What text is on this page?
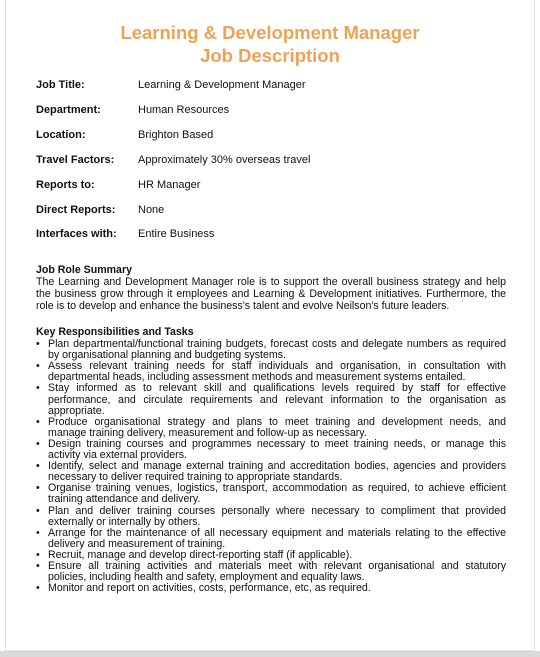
Learning & Development Manager
Job Description
Job Title:	Learning & Development Manager
Department:	Human Resources
Location:	Brighton Based
Travel Factors:	Approximately 30% overseas travel
Reports to:	HR Manager
Direct Reports:	None
Interfaces with:	Entire Business
Job Role Summary
The Learning and Development Manager role is to support the overall business strategy and help
the business grow through it employees and Learning & Development initiatives. Furthermore, the
role is to develop and enhance the business's talent and evolve Neilson's future leaders.
Key Responsibilities and Tasks
• Plan departmental/functional training budgets, forecast costs and delegate numbers as required
by organisational planning and budgeting systems.
• Assess relevant training needs for staff individuals and organisation, in consultation with
departmental heads, including assessment methods and measurement systems entailed.
• Stay informed as to relevant skill and qualifications levels required by staff for effective
performance, and circulate requirements and relevant information to the organisation as
appropriate.
• Produce organisational strategy and plans to meet training and development needs, and
manage training delivery, measurement and follow-up as necessary.
• Design training courses and programmes necessary to meet training needs, or manage this
activity via external providers.
• Identify, select and manage external training and accreditation bodies, agencies and providers
necessary to deliver required training to appropriate standards.
• Organise training venues, logistics, transport, accommodation as required, to achieve efficient
training attendance and delivery.
• Plan and deliver training courses personally where necessary to compliment that provided
externally or internally by others.
• Arrange for the maintenance of all necessary equipment and materials relating to the effective
delivery and measurement of training.
• Recruit, manage and develop direct-reporting staff (if applicable).
• Ensure all training activities and materials meet with relevant organisational and statutory
policies, including health and safety, employment and equality laws.
• Monitor and report on activities, costs, performance, etc, as required.
